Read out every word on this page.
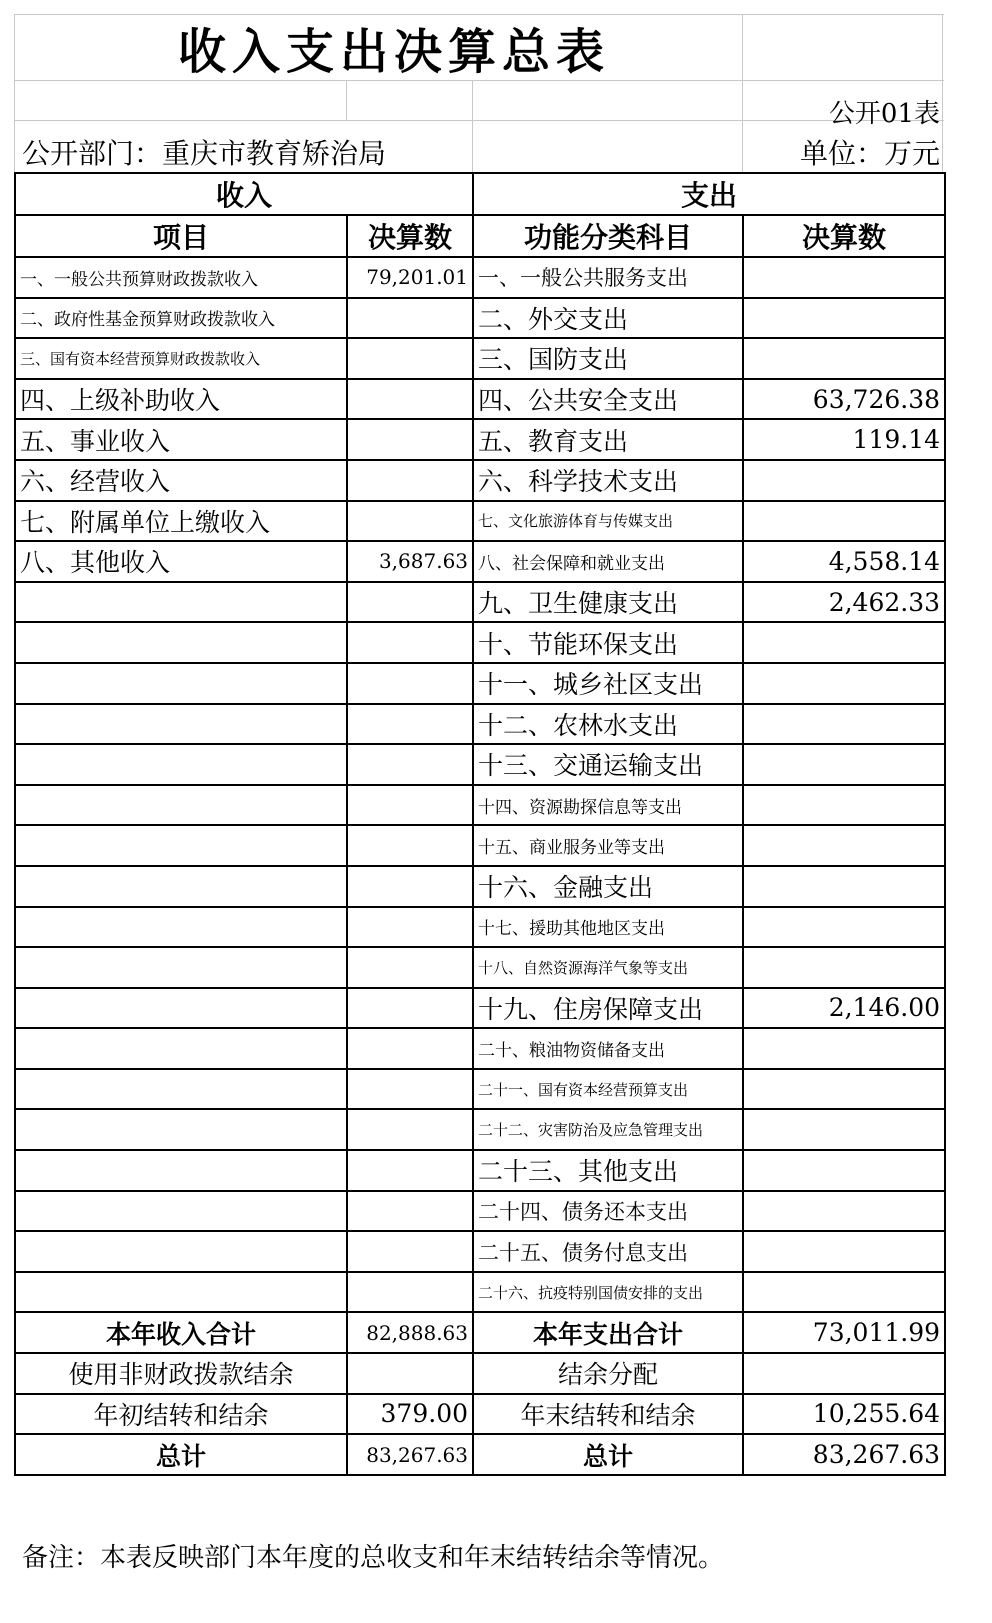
收入支出决算总表
公开01表
公开部门：重庆市教育矫治局	单位：万元
收入		支出	
项目	决算数	功能分类科目	决算数
一、一般公共预算财政拨款收入	79,201.01	一、一般公共服务支出	
二、政府性基金预算财政拨款收入		二、外交支出	
三、国有资本经营预算财政拨款收入		三、国防支出	
四、上级补助收入		四、公共安全支出	63,726.38
五、事业收入		五、教育支出	119.14
六、经营收入		六、科学技术支出	
七、附属单位上缴收入		七、文化旅游体育与传媒支出	
八、其他收入	3,687.63	八、社会保障和就业支出	4,558.14
		九、卫生健康支出	2,462.33
		十、节能环保支出	
		十一、城乡社区支出	
		十二、农林水支出	
		十三、交通运输支出	
		十四、资源勘探信息等支出	
		十五、商业服务业等支出	
		十六、金融支出	
		十七、援助其他地区支出	
		十八、自然资源海洋气象等支出	
		十九、住房保障支出	2,146.00
		二十、粮油物资储备支出	
		二十一、国有资本经营预算支出	
		二十二、灾害防治及应急管理支出	
		二十三、其他支出	
		二十四、债务还本支出	
		二十五、债务付息支出	
		二十六、抗疫特别国债安排的支出	
本年收入合计	82,888.63	本年支出合计	73,011.99
使用非财政拨款结余		结余分配	
年初结转和结余	379.00	年末结转和结余	10,255.64
总计	83,267.63	总计	83,267.63
备注：本表反映部门本年度的总收支和年末结转结余等情况。
